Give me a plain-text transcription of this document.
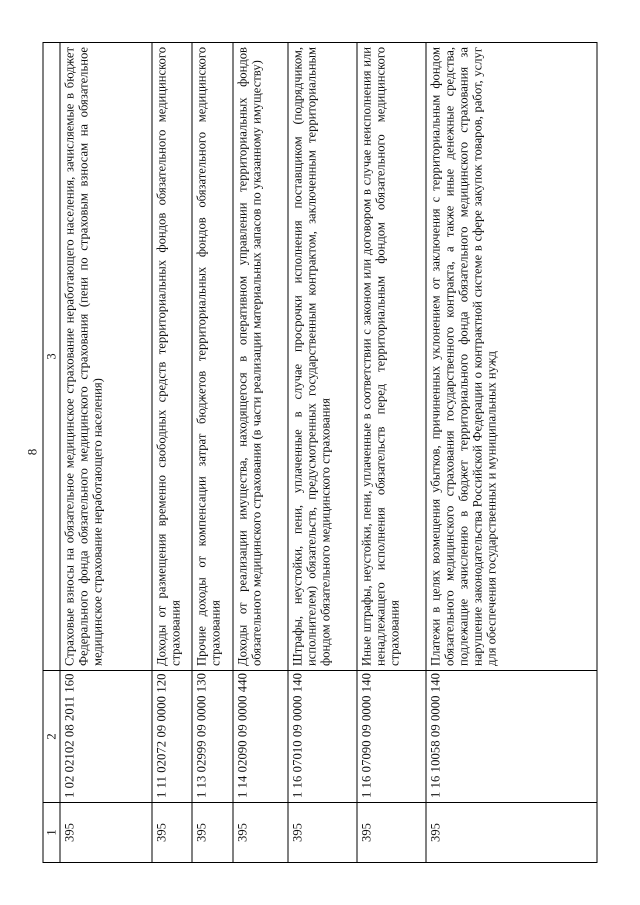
8
1	2	3
395	1 02 02102 08 2011 160	Страховые взносы на обязательное медицинское страхование неработающего населения, зачисляемые в бюджет Федерального фонда обязательного медицинского страхования (пени по страховым взносам на обязательное медицинское страхование неработающего населения)
395	1 11 02072 09 0000 120	Доходы от размещения временно свободных средств территориальных фондов обязательного медицинского страхования
395	1 13 02999 09 0000 130	Прочие доходы от компенсации затрат бюджетов территориальных фондов обязательного медицинского страхования
395	1 14 02090 09 0000 440	Доходы от реализации имущества, находящегося в оперативном управлении территориальных фондов обязательного медицинского страхования (в части реализации материальных запасов по указанному имуществу)
395	1 16 07010 09 0000 140	Штрафы, неустойки, пени, уплаченные в случае просрочки исполнения поставщиком (подрядчиком, исполнителем) обязательств, предусмотренных государственным контрактом, заключенным территориальным фондом обязательного медицинского страхования
395	1 16 07090 09 0000 140	Иные штрафы, неустойки, пени, уплаченные в соответствии с законом или договором в случае неисполнения или ненадлежащего исполнения обязательств перед территориальным фондом обязательного медицинского страхования
395	1 16 10058 09 0000 140	Платежи в целях возмещения убытков, причиненных уклонением от заключения с территориальным фондом обязательного медицинского страхования государственного контракта, а также иные денежные средства, подлежащие зачислению в бюджет территориального фонда обязательного медицинского страхования за нарушение законодательства Российской Федерации о контрактной системе в сфере закупок товаров, работ, услуг для обеспечения государственных и муниципальных нужд
